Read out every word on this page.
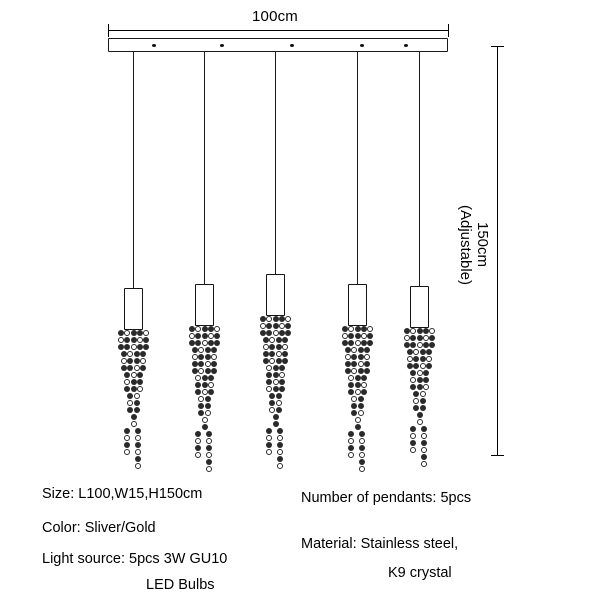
100cm
(Adjustable) 150cm
Size: L100,W15,H150cm
Color: Sliver/Gold
Light source: 5pcs 3W GU10
LED Bulbs
Number of pendants: 5pcs
Material: Stainless steel,
K9 crystal
